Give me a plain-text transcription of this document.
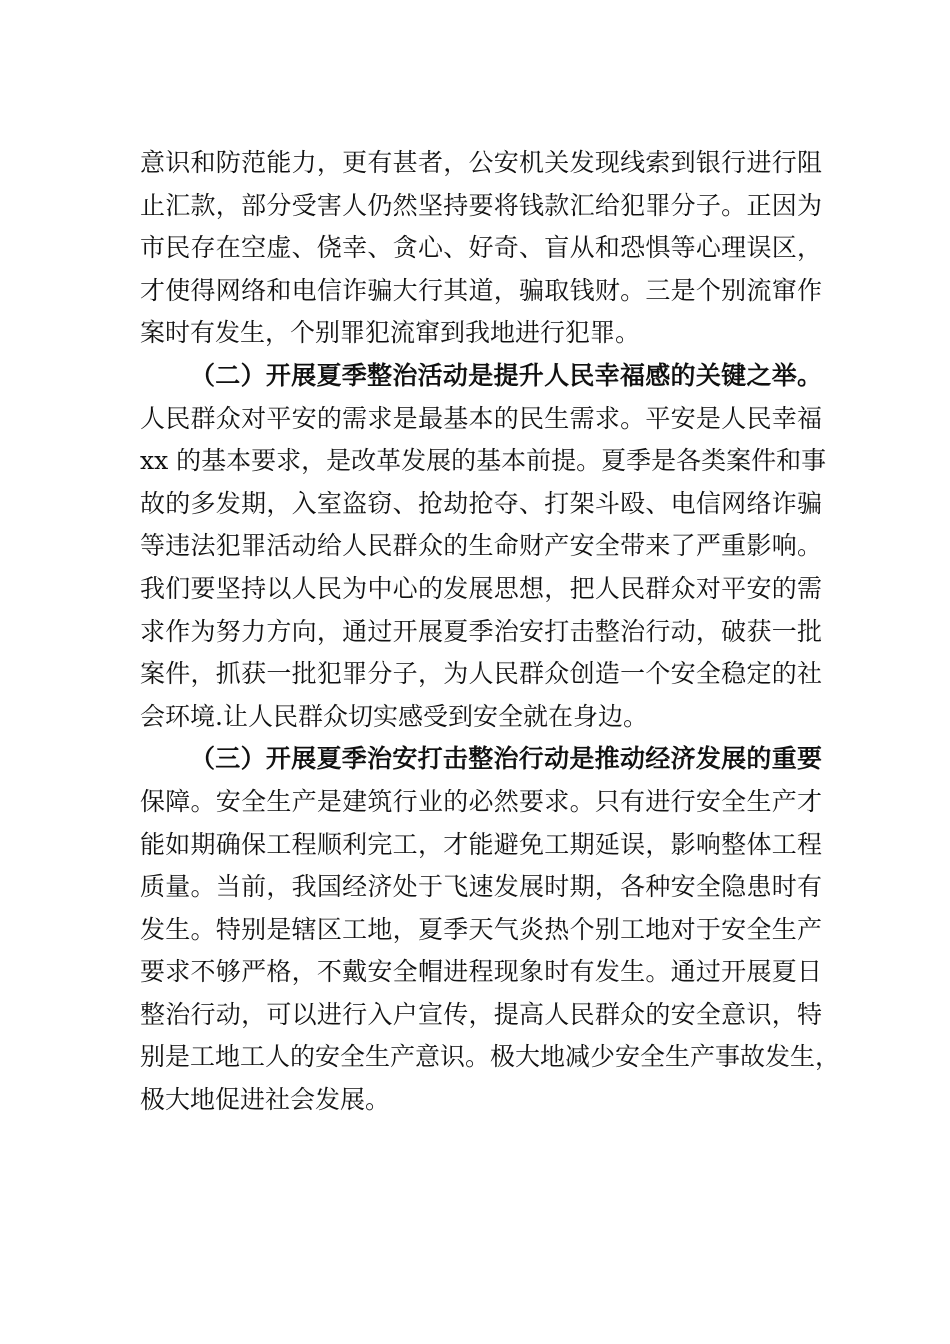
意识和防范能力，更有甚者，公安机关发现线索到银行进行阻
止汇款，部分受害人仍然坚持要将钱款汇给犯罪分子。正因为
市民存在空虚、侥幸、贪心、好奇、盲从和恐惧等心理误区，
才使得网络和电信诈骗大行其道，骗取钱财。三是个别流窜作
案时有发生，个别罪犯流窜到我地进行犯罪。
（二）开展夏季整治活动是提升人民幸福感的关键之举。
人民群众对平安的需求是最基本的民生需求。平安是人民幸福
xx 的基本要求，是改革发展的基本前提。夏季是各类案件和事
故的多发期，入室盗窃、抢劫抢夺、打架斗殴、电信网络诈骗
等违法犯罪活动给人民群众的生命财产安全带来了严重影响。
我们要坚持以人民为中心的发展思想，把人民群众对平安的需
求作为努力方向，通过开展夏季治安打击整治行动，破获一批
案件，抓获一批犯罪分子，为人民群众创造一个安全稳定的社
会环境.让人民群众切实感受到安全就在身边。
（三）开展夏季治安打击整治行动是推动经济发展的重要
保障。安全生产是建筑行业的必然要求。只有进行安全生产才
能如期确保工程顺利完工，才能避免工期延误，影响整体工程
质量。当前，我国经济处于飞速发展时期，各种安全隐患时有
发生。特别是辖区工地，夏季天气炎热个别工地对于安全生产
要求不够严格，不戴安全帽进程现象时有发生。通过开展夏日
整治行动，可以进行入户宣传，提高人民群众的安全意识，特
别是工地工人的安全生产意识。极大地减少安全生产事故发生，
极大地促进社会发展。
